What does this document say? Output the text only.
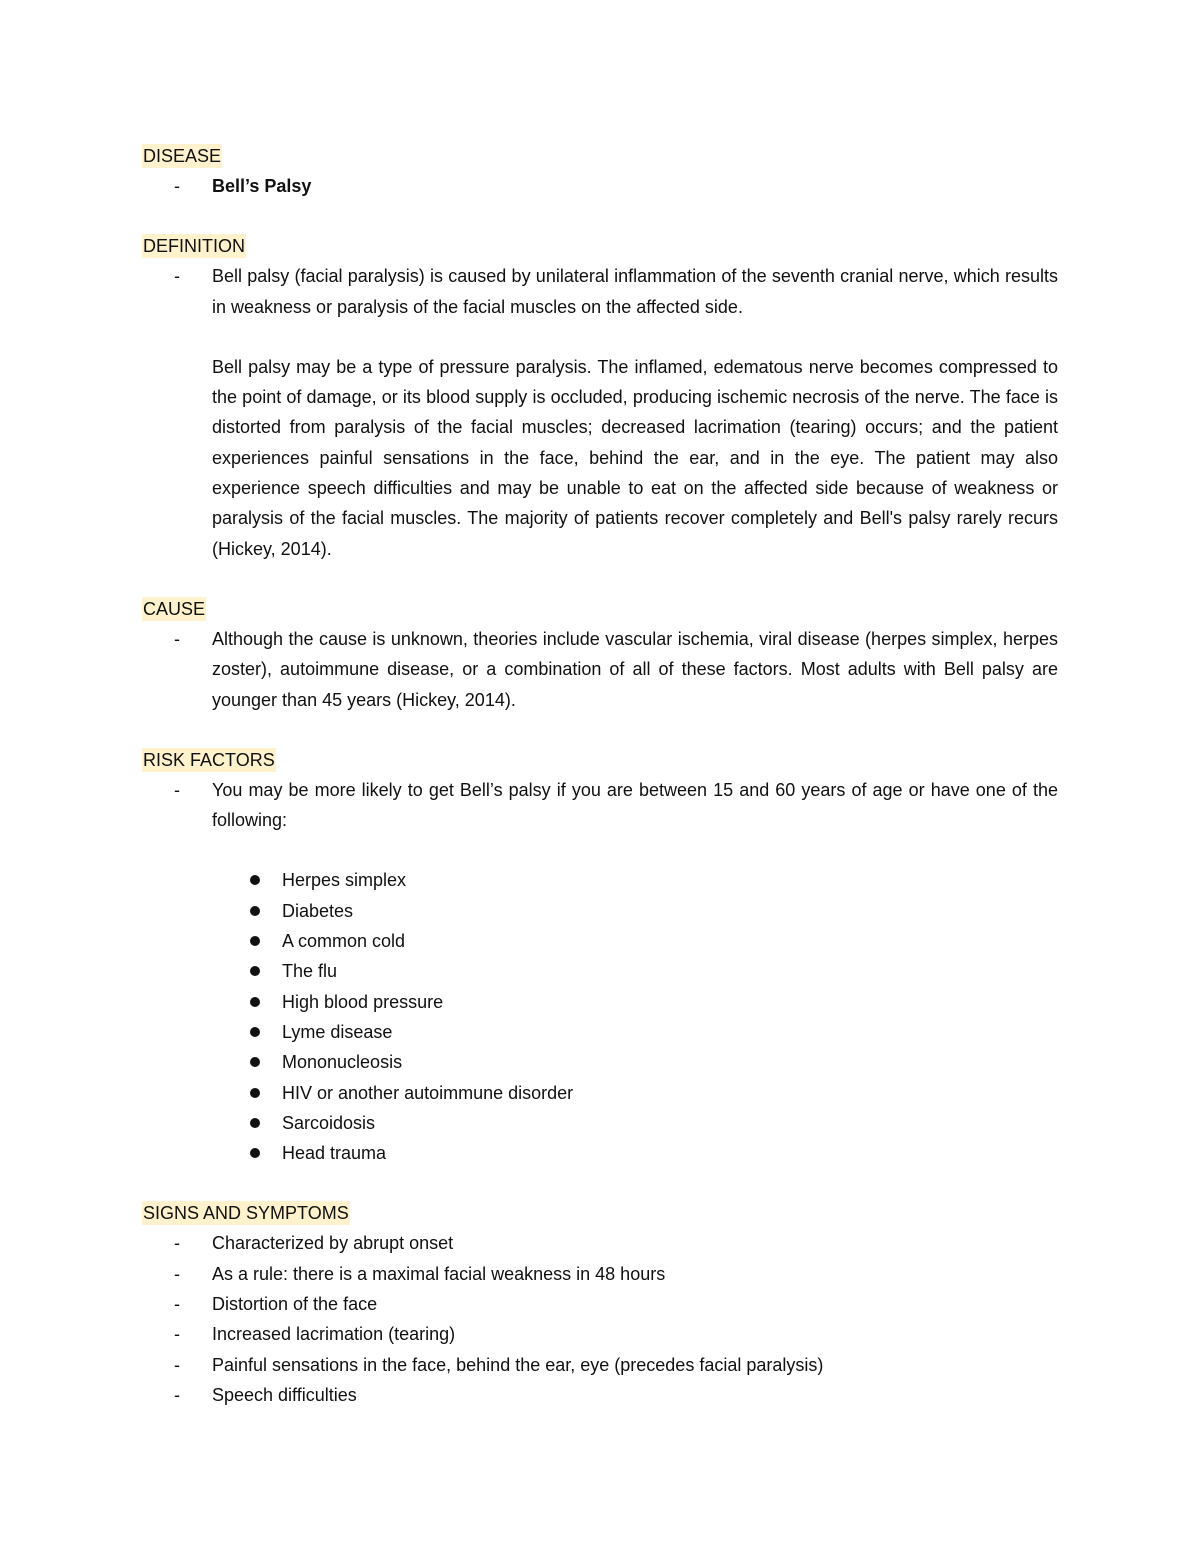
DISEASE
- Bell’s Palsy

DEFINITION
- Bell palsy (facial paralysis) is caused by unilateral inflammation of the seventh cranial nerve, which results in weakness or paralysis of the facial muscles on the affected side.

Bell palsy may be a type of pressure paralysis. The inflamed, edematous nerve becomes compressed to the point of damage, or its blood supply is occluded, producing ischemic necrosis of the nerve. The face is distorted from paralysis of the facial muscles; decreased lacrimation (tearing) occurs; and the patient experiences painful sensations in the face, behind the ear, and in the eye. The patient may also experience speech difficulties and may be unable to eat on the affected side because of weakness or paralysis of the facial muscles. The majority of patients recover completely and Bell's palsy rarely recurs (Hickey, 2014).

CAUSE
- Although the cause is unknown, theories include vascular ischemia, viral disease (herpes simplex, herpes zoster), autoimmune disease, or a combination of all of these factors. Most adults with Bell palsy are younger than 45 years (Hickey, 2014).

RISK FACTORS
- You may be more likely to get Bell’s palsy if you are between 15 and 60 years of age or have one of the following:

Herpes simplex
Diabetes
A common cold
The flu
High blood pressure
Lyme disease
Mononucleosis
HIV or another autoimmune disorder
Sarcoidosis
Head trauma
SIGNS AND SYMPTOMS
- Characterized by abrupt onset

- As a rule: there is a maximal facial weakness in 48 hours

- Distortion of the face

- Increased lacrimation (tearing)

- Painful sensations in the face, behind the ear, eye (precedes facial paralysis)

- Speech difficulties
